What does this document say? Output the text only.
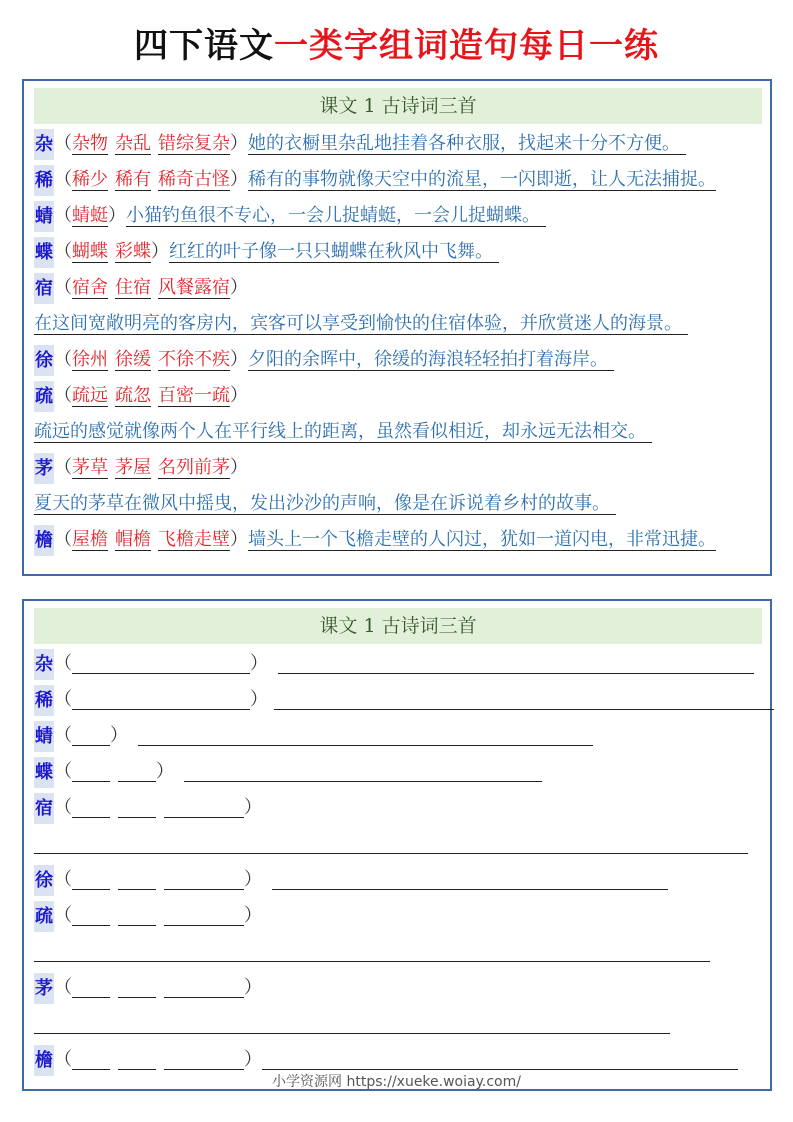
四下语文一类字组词造句每日一练
课文 1 古诗词三首
杂（杂物 杂乱 错综复杂）她的衣橱里杂乱地挂着各种衣服，找起来十分不方便。
稀（稀少 稀有 稀奇古怪）稀有的事物就像天空中的流星，一闪即逝，让人无法捕捉。
蜻（蜻蜓）小猫钓鱼很不专心，一会儿捉蜻蜓，一会儿捉蝴蝶。
蝶（蝴蝶 彩蝶）红红的叶子像一只只蝴蝶在秋风中飞舞。
宿（宿舍 住宿 风餐露宿）
在这间宽敞明亮的客房内，宾客可以享受到愉快的住宿体验，并欣赏迷人的海景。
徐（徐州 徐缓 不徐不疾）夕阳的余晖中，徐缓的海浪轻轻拍打着海岸。
疏（疏远 疏忽 百密一疏）
疏远的感觉就像两个人在平行线上的距离，虽然看似相近，却永远无法相交。
茅（茅草 茅屋 名列前茅）
夏天的茅草在微风中摇曳，发出沙沙的声响，像是在诉说着乡村的故事。
檐（屋檐 帽檐 飞檐走壁）墙头上一个飞檐走壁的人闪过，犹如一道闪电，非常迅捷。
课文 1 古诗词三首
杂（	）
稀（	）
蜻（ ）
蝶（	）
宿（	）
徐（	）
疏（	）
茅（	）
檐（	）
小学资源网 https://xueke.woiay.com/
